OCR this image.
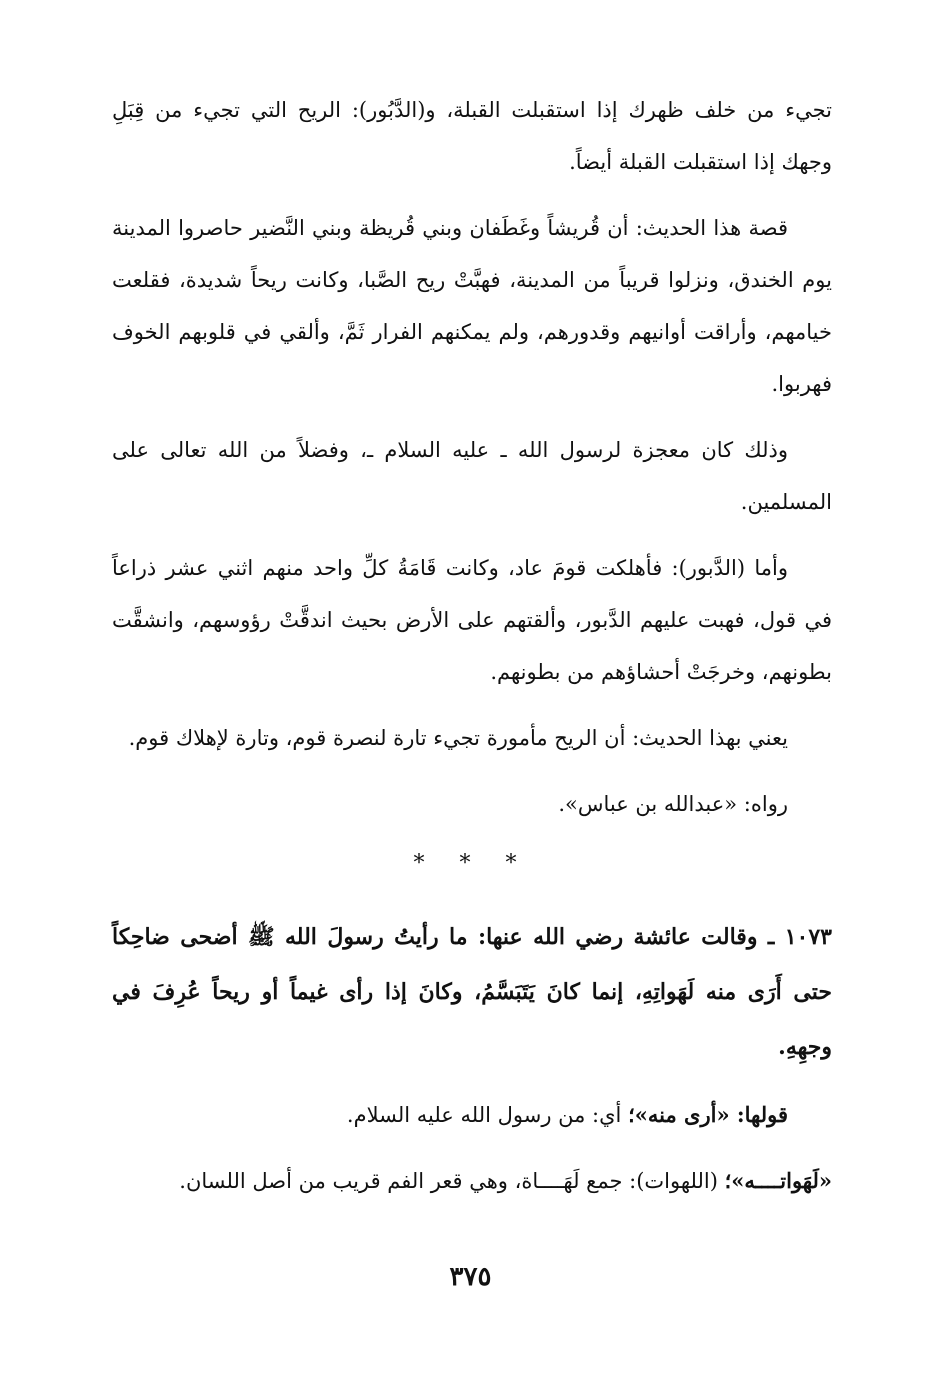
تجيء من خلف ظهرك إذا استقبلت القبلة، و(الدَّبُور): الريح التي تجيء من قِبَلِ وجهك إذا استقبلت القبلة أيضاً.

قصة هذا الحديث: أن قُريشاً وغَطَفان وبني قُريظة وبني النَّضير حاصروا المدينة يوم الخندق، ونزلوا قريباً من المدينة، فهبَّتْ ريح الصَّبا، وكانت ريحاً شديدة، فقلعت خيامهم، وأراقت أوانيهم وقدورهم، ولم يمكنهم الفرار ثَمَّ، وألقي في قلوبهم الخوف فهربوا.

وذلك كان معجزة لرسول الله ـ عليه السلام ـ، وفضلاً من الله تعالى على المسلمين.

وأما (الدَّبور): فأهلكت قومَ عاد، وكانت قَامَةُ كلِّ واحد منهم اثني عشر ذراعاً في قول، فهبت عليهم الدَّبور، وألقتهم على الأرض بحيث اندقَّتْ رؤوسهم، وانشقَّت بطونهم، وخرجَتْ أحشاؤهم من بطونهم.

يعني بهذا الحديث: أن الريح مأمورة تجيء تارة لنصرة قوم، وتارة لإهلاك قوم.

رواه: «عبدالله بن عباس».

* * *

١٠٧٣ ـ وقالت عائشة رضي الله عنها: ما رأيتُ رسولَ الله ﷺ أضحى ضاحِكاً حتى أَرَى منه لَهَواتِهِ، إنما كانَ يَتَبَسَّمُ، وكانَ إذا رأى غيماً أو ريحاً عُرِفَ في وجهِهِ.

قولها: «أرى منه»؛ أي: من رسول الله عليه السلام.

«لَهَواتــــه»؛ (اللهوات): جمع لَهَــــاة، وهي قعر الفم قريب من أصل اللسان.

٣٧٥
